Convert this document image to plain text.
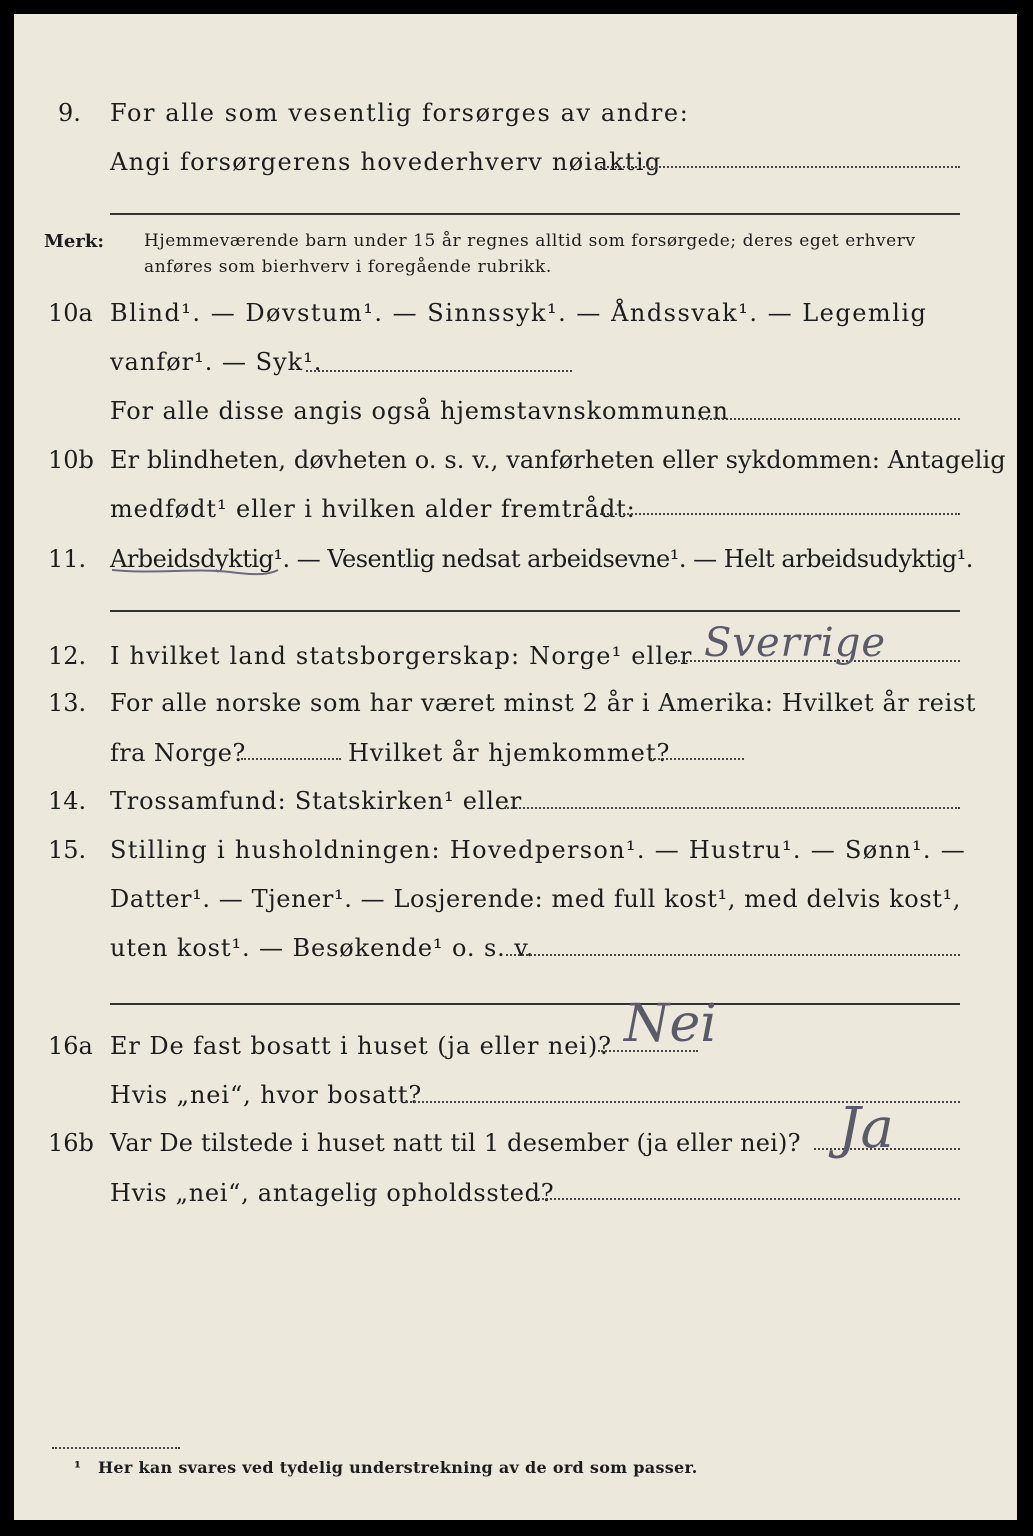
9. For alle som vesentlig forsørges av andre:
Angi forsørgerens hovederhverv nøiaktig
Merk: Hjemmeværende barn under 15 år regnes alltid som forsørgede; deres eget erhverv
anføres som bierhverv i foregående rubrikk.
10a Blind¹. — Døvstum¹. — Sinnssyk¹. — Åndssvak¹. — Legemlig
vanfør¹. — Syk¹.
For alle disse angis også hjemstavnskommunen
10b Er blindheten, døvheten o. s. v., vanførheten eller sykdommen: Antagelig
medfødt¹ eller i hvilken alder fremtrådt:
11. Arbeidsdyktig¹. — Vesentlig nedsat arbeidsevne¹. — Helt arbeidsudyktig¹.
12. I hvilket land statsborgerskap: Norge¹ eller Sverrige
13. For alle norske som har været minst 2 år i Amerika: Hvilket år reist
fra Norge?	Hvilket år hjemkommet?
14. Trossamfund: Statskirken¹ eller
15. Stilling i husholdningen: Hovedperson¹. — Hustru¹. — Sønn¹. —
Datter¹. — Tjener¹. — Losjerende: med full kost¹, med delvis kost¹,
uten kost¹. — Besøkende¹ o. s. v.
16a Er De fast bosatt i huset (ja eller nei)? Nei
Hvis „nei“, hvor bosatt?
16b Var De tilstede i huset natt til 1 desember (ja eller nei)? Ja
Hvis „nei“, antagelig opholdssted?
¹ Her kan svares ved tydelig understrekning av de ord som passer.
